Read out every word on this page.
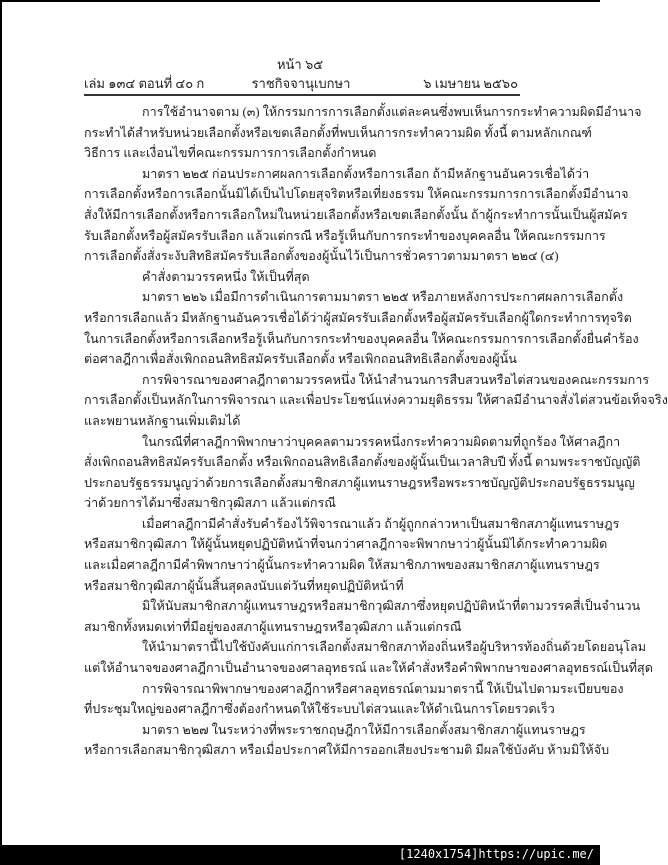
หน้า ๖๕
เล่ม ๑๓๔ ตอนที่ ๔๐ ก	ราชกิจจานุเบกษา	๖ เมษายน ๒๕๖๐
การใช้อำนาจตาม (๓) ให้กรรมการการเลือกตั้งแต่ละคนซึ่งพบเห็นการกระทำความผิดมีอำนาจ
กระทำได้สำหรับหน่วยเลือกตั้งหรือเขตเลือกตั้งที่พบเห็นการกระทำความผิด ทั้งนี้ ตามหลักเกณฑ์
วิธีการ และเงื่อนไขที่คณะกรรมการการเลือกตั้งกำหนด
มาตรา ๒๒๕ ก่อนประกาศผลการเลือกตั้งหรือการเลือก ถ้ามีหลักฐานอันควรเชื่อได้ว่า
การเลือกตั้งหรือการเลือกนั้นมิได้เป็นไปโดยสุจริตหรือเที่ยงธรรม ให้คณะกรรมการการเลือกตั้งมีอำนาจ
สั่งให้มีการเลือกตั้งหรือการเลือกใหม่ในหน่วยเลือกตั้งหรือเขตเลือกตั้งนั้น ถ้าผู้กระทำการนั้นเป็นผู้สมัคร
รับเลือกตั้งหรือผู้สมัครรับเลือก แล้วแต่กรณี หรือรู้เห็นกับการกระทำของบุคคลอื่น ให้คณะกรรมการ
การเลือกตั้งสั่งระงับสิทธิสมัครรับเลือกตั้งของผู้นั้นไว้เป็นการชั่วคราวตามมาตรา ๒๒๔ (๔)
คำสั่งตามวรรคหนึ่ง ให้เป็นที่สุด
มาตรา ๒๒๖ เมื่อมีการดำเนินการตามมาตรา ๒๒๕ หรือภายหลังการประกาศผลการเลือกตั้ง
หรือการเลือกแล้ว มีหลักฐานอันควรเชื่อได้ว่าผู้สมัครรับเลือกตั้งหรือผู้สมัครรับเลือกผู้ใดกระทำการทุจริต
ในการเลือกตั้งหรือการเลือกหรือรู้เห็นกับการกระทำของบุคคลอื่น ให้คณะกรรมการการเลือกตั้งยื่นคำร้อง
ต่อศาลฎีกาเพื่อสั่งเพิกถอนสิทธิสมัครรับเลือกตั้ง หรือเพิกถอนสิทธิเลือกตั้งของผู้นั้น
การพิจารณาของศาลฎีกาตามวรรคหนึ่ง ให้นำสำนวนการสืบสวนหรือไต่สวนของคณะกรรมการ
การเลือกตั้งเป็นหลักในการพิจารณา และเพื่อประโยชน์แห่งความยุติธรรม ให้ศาลมีอำนาจสั่งไต่สวนข้อเท็จจริง
และพยานหลักฐานเพิ่มเติมได้
ในกรณีที่ศาลฎีกาพิพากษาว่าบุคคลตามวรรคหนึ่งกระทำความผิดตามที่ถูกร้อง ให้ศาลฎีกา
สั่งเพิกถอนสิทธิสมัครรับเลือกตั้ง หรือเพิกถอนสิทธิเลือกตั้งของผู้นั้นเป็นเวลาสิบปี ทั้งนี้ ตามพระราชบัญญัติ
ประกอบรัฐธรรมนูญว่าด้วยการเลือกตั้งสมาชิกสภาผู้แทนราษฎรหรือพระราชบัญญัติประกอบรัฐธรรมนูญ
ว่าด้วยการได้มาซึ่งสมาชิกวุฒิสภา แล้วแต่กรณี
เมื่อศาลฎีกามีคำสั่งรับคำร้องไว้พิจารณาแล้ว ถ้าผู้ถูกกล่าวหาเป็นสมาชิกสภาผู้แทนราษฎร
หรือสมาชิกวุฒิสภา ให้ผู้นั้นหยุดปฏิบัติหน้าที่จนกว่าศาลฎีกาจะพิพากษาว่าผู้นั้นมิได้กระทำความผิด
และเมื่อศาลฎีกามีคำพิพากษาว่าผู้นั้นกระทำความผิด ให้สมาชิกภาพของสมาชิกสภาผู้แทนราษฎร
หรือสมาชิกวุฒิสภาผู้นั้นสิ้นสุดลงนับแต่วันที่หยุดปฏิบัติหน้าที่
มิให้นับสมาชิกสภาผู้แทนราษฎรหรือสมาชิกวุฒิสภาซึ่งหยุดปฏิบัติหน้าที่ตามวรรคสี่เป็นจำนวน
สมาชิกทั้งหมดเท่าที่มีอยู่ของสภาผู้แทนราษฎรหรือวุฒิสภา แล้วแต่กรณี
ให้นำมาตรานี้ไปใช้บังคับแก่การเลือกตั้งสมาชิกสภาท้องถิ่นหรือผู้บริหารท้องถิ่นด้วยโดยอนุโลม
แต่ให้อำนาจของศาลฎีกาเป็นอำนาจของศาลอุทธรณ์ และให้คำสั่งหรือคำพิพากษาของศาลอุทธรณ์เป็นที่สุด
การพิจารณาพิพากษาของศาลฎีกาหรือศาลอุทธรณ์ตามมาตรานี้ ให้เป็นไปตามระเบียบของ
ที่ประชุมใหญ่ของศาลฎีกาซึ่งต้องกำหนดให้ใช้ระบบไต่สวนและให้ดำเนินการโดยรวดเร็ว
มาตรา ๒๒๗ ในระหว่างที่พระราชกฤษฎีกาให้มีการเลือกตั้งสมาชิกสภาผู้แทนราษฎร
หรือการเลือกสมาชิกวุฒิสภา หรือเมื่อประกาศให้มีการออกเสียงประชามติ มีผลใช้บังคับ ห้ามมิให้จับ
[1240x1754]https://upic.me/
